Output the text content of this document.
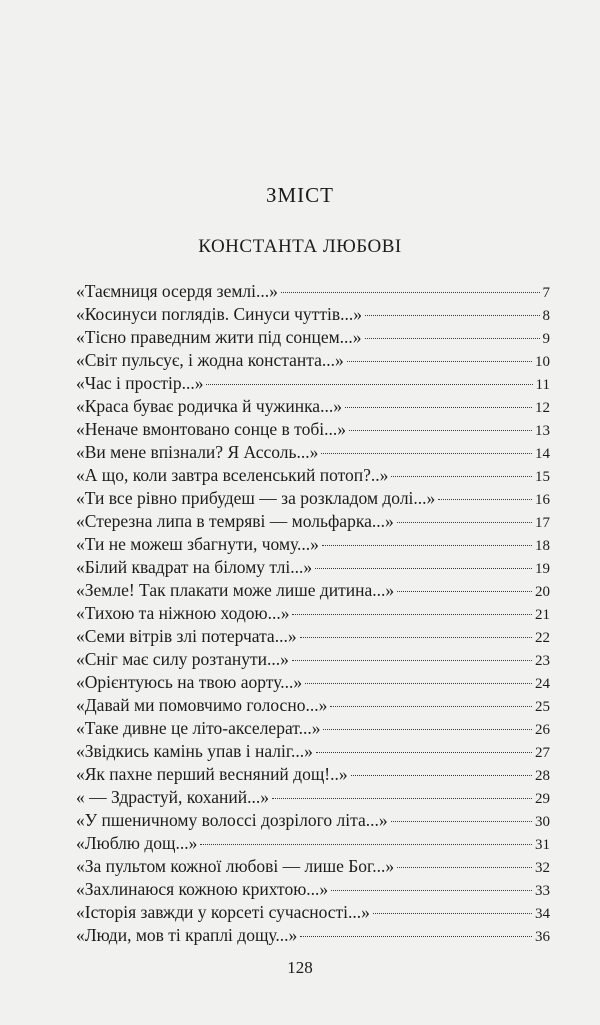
ЗМІСТ
КОНСТАНТА ЛЮБОВІ
«Таємниця осердя землі...»	7
«Косинуси поглядів. Синуси чуттів...»	8
«Тісно праведним жити під сонцем...»	9
«Світ пульсує, і жодна константа...»	10
«Час і простір...»	11
«Краса буває родичка й чужинка...»	12
«Неначе вмонтовано сонце в тобі...»	13
«Ви мене впізнали? Я Ассоль...»	14
«А що, коли завтра вселенський потоп?..»	15
«Ти все рівно прибудеш — за розкладом долі...»	16
«Стерезна липа в темряві — мольфарка...»	17
«Ти не можеш збагнути, чому...»	18
«Білий квадрат на білому тлі...»	19
«Земле! Так плакати може лише дитина...»	20
«Тихою та ніжною ходою...»	21
«Семи вітрів злі потерчата...»	22
«Сніг має силу розтанути...»	23
«Орієнтуюсь на твою аорту...»	24
«Давай ми помовчимо голосно...»	25
«Таке дивне це літо-акселерат...»	26
«Звідкись камінь упав і наліг...»	27
«Як пахне перший весняний дощ!..»	28
« — Здрастуй, коханий...»	29
«У пшеничному волоссі дозрілого літа...»	30
«Люблю дощ...»	31
«За пультом кожної любові — лише Бог...»	32
«Захлинаюся кожною крихтою...»	33
«Історія завжди у корсеті сучасності...»	34
«Люди, мов ті краплі дощу...»	36
128
